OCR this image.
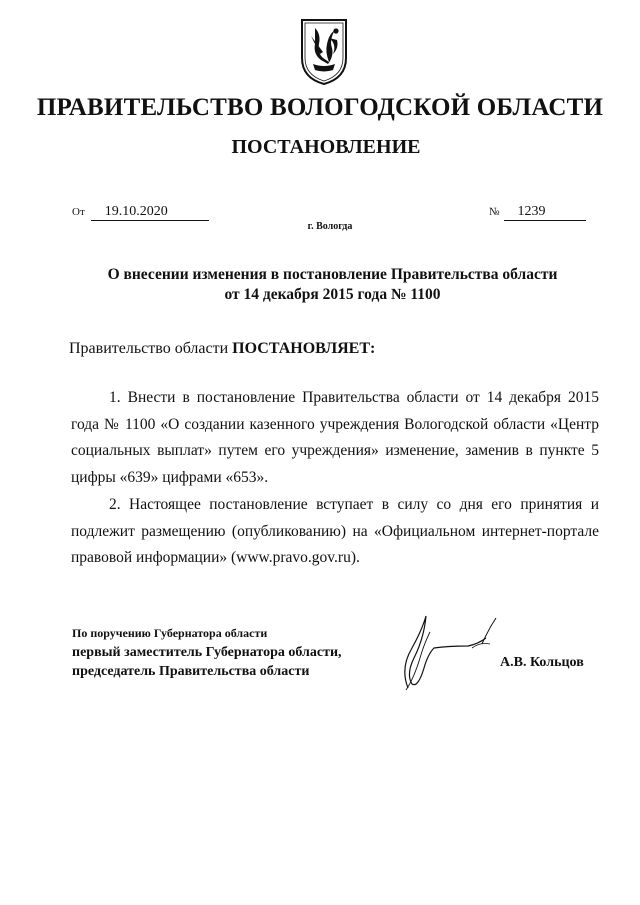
ПРАВИТЕЛЬСТВО ВОЛОГОДСКОЙ ОБЛАСТИ
ПОСТАНОВЛЕНИЕ
От 19.10.2020	№ 1239
г. Вологда
О внесении изменения в постановление Правительства области
от 14 декабря 2015 года № 1100
Правительство области ПОСТАНОВЛЯЕТ:
1. Внести в постановление Правительства области от 14 декабря 2015 года № 1100 «О создании казенного учреждения Вологодской области «Центр социальных выплат» путем его учреждения» изменение, заменив в пункте 5 цифры «639» цифрами «653».
2. Настоящее постановление вступает в силу со дня его принятия и подлежит размещению (опубликованию) на «Официальном интернет-портале правовой информации» (www.pravo.gov.ru).
По поручению Губернатора области
первый заместитель Губернатора области,
председатель Правительства области
А.В. Кольцов
